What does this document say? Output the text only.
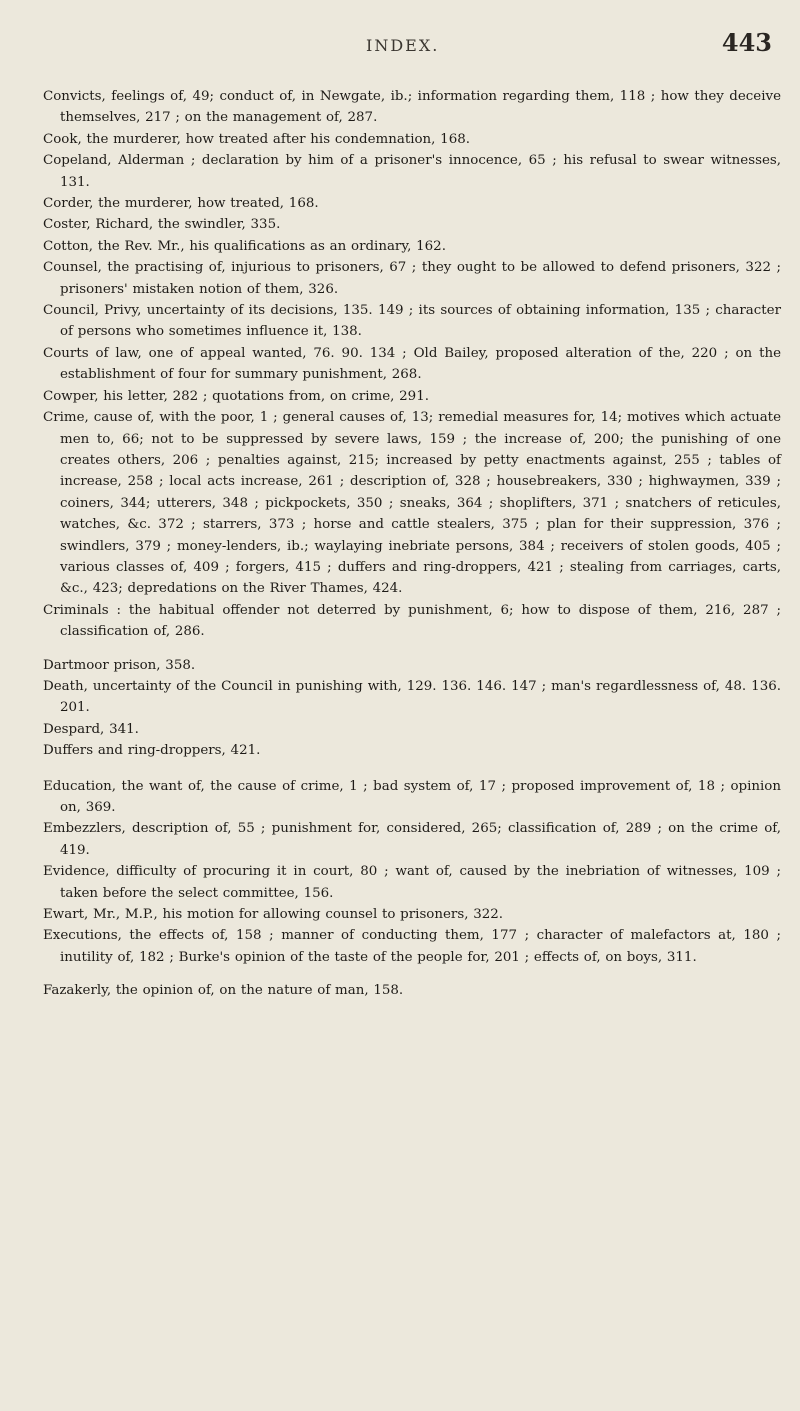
INDEX.	443

Convicts, feelings of, 49; conduct of, in Newgate, ib.; information regarding them, 118 ; how they deceive themselves, 217 ; on the management of, 287.

Cook, the murderer, how treated after his condemnation, 168.

Copeland, Alderman ; declaration by him of a prisoner's innocence, 65 ; his refusal to swear witnesses, 131.

Corder, the murderer, how treated, 168.

Coster, Richard, the swindler, 335.

Cotton, the Rev. Mr., his qualifications as an ordinary, 162.

Counsel, the practising of, injurious to prisoners, 67 ; they ought to be allowed to defend prisoners, 322 ; prisoners' mistaken notion of them, 326.

Council, Privy, uncertainty of its decisions, 135. 149 ; its sources of obtaining information, 135 ; character of persons who sometimes influence it, 138.

Courts of law, one of appeal wanted, 76. 90. 134 ; Old Bailey, proposed alteration of the, 220 ; on the establishment of four for summary punishment, 268.

Cowper, his letter, 282 ; quotations from, on crime, 291.

Crime, cause of, with the poor, 1 ; general causes of, 13; remedial measures for, 14; motives which actuate men to, 66; not to be suppressed by severe laws, 159 ; the increase of, 200; the punishing of one creates others, 206 ; penalties against, 215; increased by petty enactments against, 255 ; tables of increase, 258 ; local acts increase, 261 ; description of, 328 ; housebreakers, 330 ; highwaymen, 339 ; coiners, 344; utterers, 348 ; pickpockets, 350 ; sneaks, 364 ; shoplifters, 371 ; snatchers of reticules, watches, &c. 372 ; starrers, 373 ; horse and cattle stealers, 375 ; plan for their suppression, 376 ; swindlers, 379 ; money-lenders, ib.; waylaying inebriate persons, 384 ; receivers of stolen goods, 405 ; various classes of, 409 ; forgers, 415 ; duffers and ring-droppers, 421 ; stealing from carriages, carts, &c., 423; depredations on the River Thames, 424.

Criminals : the habitual offender not deterred by punishment, 6; how to dispose of them, 216, 287 ; classification of, 286.

Dartmoor prison, 358.

Death, uncertainty of the Council in punishing with, 129. 136. 146. 147 ; man's regardlessness of, 48. 136. 201.

Despard, 341.

Duffers and ring-droppers, 421.

Education, the want of, the cause of crime, 1 ; bad system of, 17 ; proposed improvement of, 18 ; opinion on, 369.

Embezzlers, description of, 55 ; punishment for, considered, 265; classification of, 289 ; on the crime of, 419.

Evidence, difficulty of procuring it in court, 80 ; want of, caused by the inebriation of witnesses, 109 ; taken before the select committee, 156.

Ewart, Mr., M.P., his motion for allowing counsel to prisoners, 322.

Executions, the effects of, 158 ; manner of conducting them, 177 ; character of malefactors at, 180 ; inutility of, 182 ; Burke's opinion of the taste of the people for, 201 ; effects of, on boys, 311.

Fazakerly, the opinion of, on the nature of man, 158.
